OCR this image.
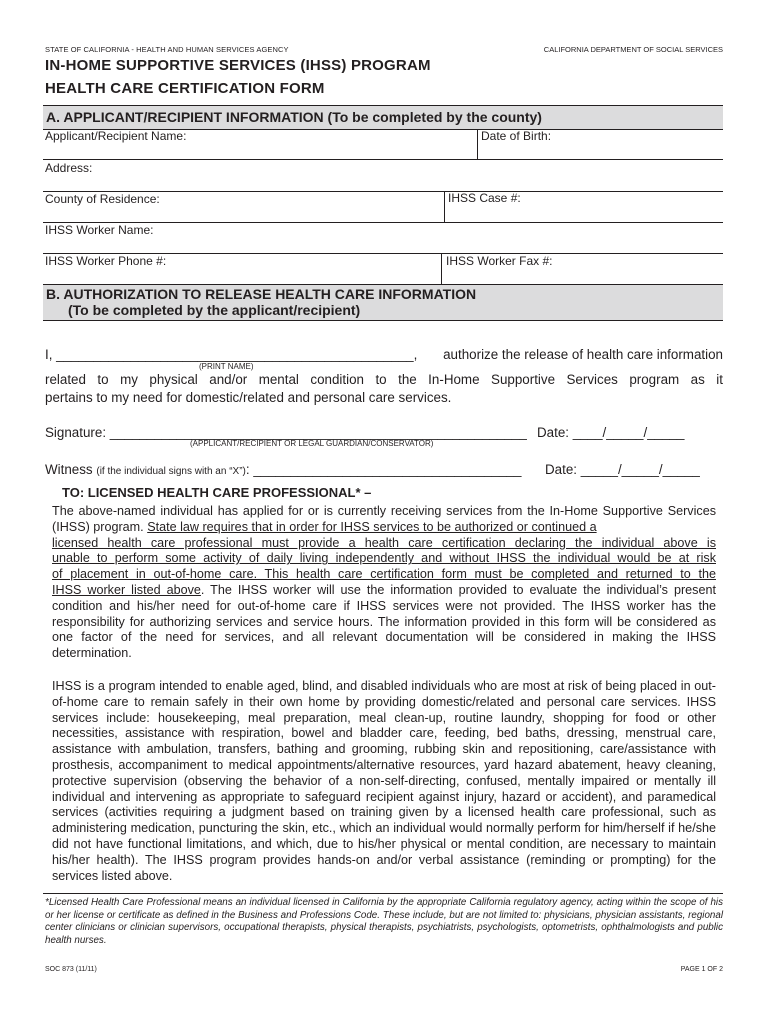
STATE OF CALIFORNIA - HEALTH AND HUMAN SERVICES AGENCY	CALIFORNIA DEPARTMENT OF SOCIAL SERVICES
IN-HOME SUPPORTIVE SERVICES (IHSS) PROGRAM
HEALTH CARE CERTIFICATION FORM
A. APPLICANT/RECIPIENT INFORMATION (To be completed by the county)
Applicant/Recipient Name:	Date of Birth:
Address:
County of Residence:	IHSS Case #:
IHSS Worker Name:
IHSS Worker Phone #:	IHSS Worker Fax #:
B. AUTHORIZATION TO RELEASE HEALTH CARE INFORMATION
(To be completed by the applicant/recipient)
I, ________________________________________________, authorize the release of health care information
(PRINT NAME)
related to my physical and/or mental condition to the In-Home Supportive Services program as it
pertains to my need for domestic/related and personal care services.
Signature: ________________________________________________________ Date: ____/_____/_____
(APPLICANT/RECIPIENT OR LEGAL GUARDIAN/CONSERVATOR)
Witness (if the individual signs with an “X”): ____________________________________	Date: _____/_____/_____
TO: LICENSED HEALTH CARE PROFESSIONAL* –
The above-named individual has applied for or is currently receiving services from the In-Home Supportive Services (IHSS) program. State law requires that in order for IHSS services to be authorized or continued a
licensed health care professional must provide a health care certification declaring the individual above is
unable to perform some activity of daily living independently and without IHSS the individual would be at risk
of placement in out-of-home care. This health care certification form must be completed and returned to the
IHSS worker listed above. The IHSS worker will use the information provided to evaluate the individual’s present condition and his/her need for out-of-home care if IHSS services were not provided. The IHSS worker has the responsibility for authorizing services and service hours. The information provided in this form will be considered as one factor of the need for services, and all relevant documentation will be considered in making the IHSS determination.
IHSS is a program intended to enable aged, blind, and disabled individuals who are most at risk of being placed in out-of-home care to remain safely in their own home by providing domestic/related and personal care services. IHSS services include: housekeeping, meal preparation, meal clean-up, routine laundry, shopping for food or other necessities, assistance with respiration, bowel and bladder care, feeding, bed baths, dressing, menstrual care, assistance with ambulation, transfers, bathing and grooming, rubbing skin and repositioning, care/assistance with prosthesis, accompaniment to medical appointments/alternative resources, yard hazard abatement, heavy cleaning, protective supervision (observing the behavior of a non-self-directing, confused, mentally impaired or mentally ill individual and intervening as appropriate to safeguard recipient against injury, hazard or accident), and paramedical services (activities requiring a judgment based on training given by a licensed health care professional, such as administering medication, puncturing the skin, etc., which an individual would normally perform for him/herself if he/she did not have functional limitations, and which, due to his/her physical or mental condition, are necessary to maintain his/her health). The IHSS program provides hands-on and/or verbal assistance (reminding or prompting) for the services listed above.
*Licensed Health Care Professional means an individual licensed in California by the appropriate California regulatory agency, acting within the scope of his or her license or certificate as defined in the Business and Professions Code. These include, but are not limited to: physicians, physician assistants, regional center clinicians or clinician supervisors, occupational therapists, physical therapists, psychiatrists, psychologists, optometrists, ophthalmologists and public health nurses.
SOC 873 (11/11)	PAGE 1 OF 2
